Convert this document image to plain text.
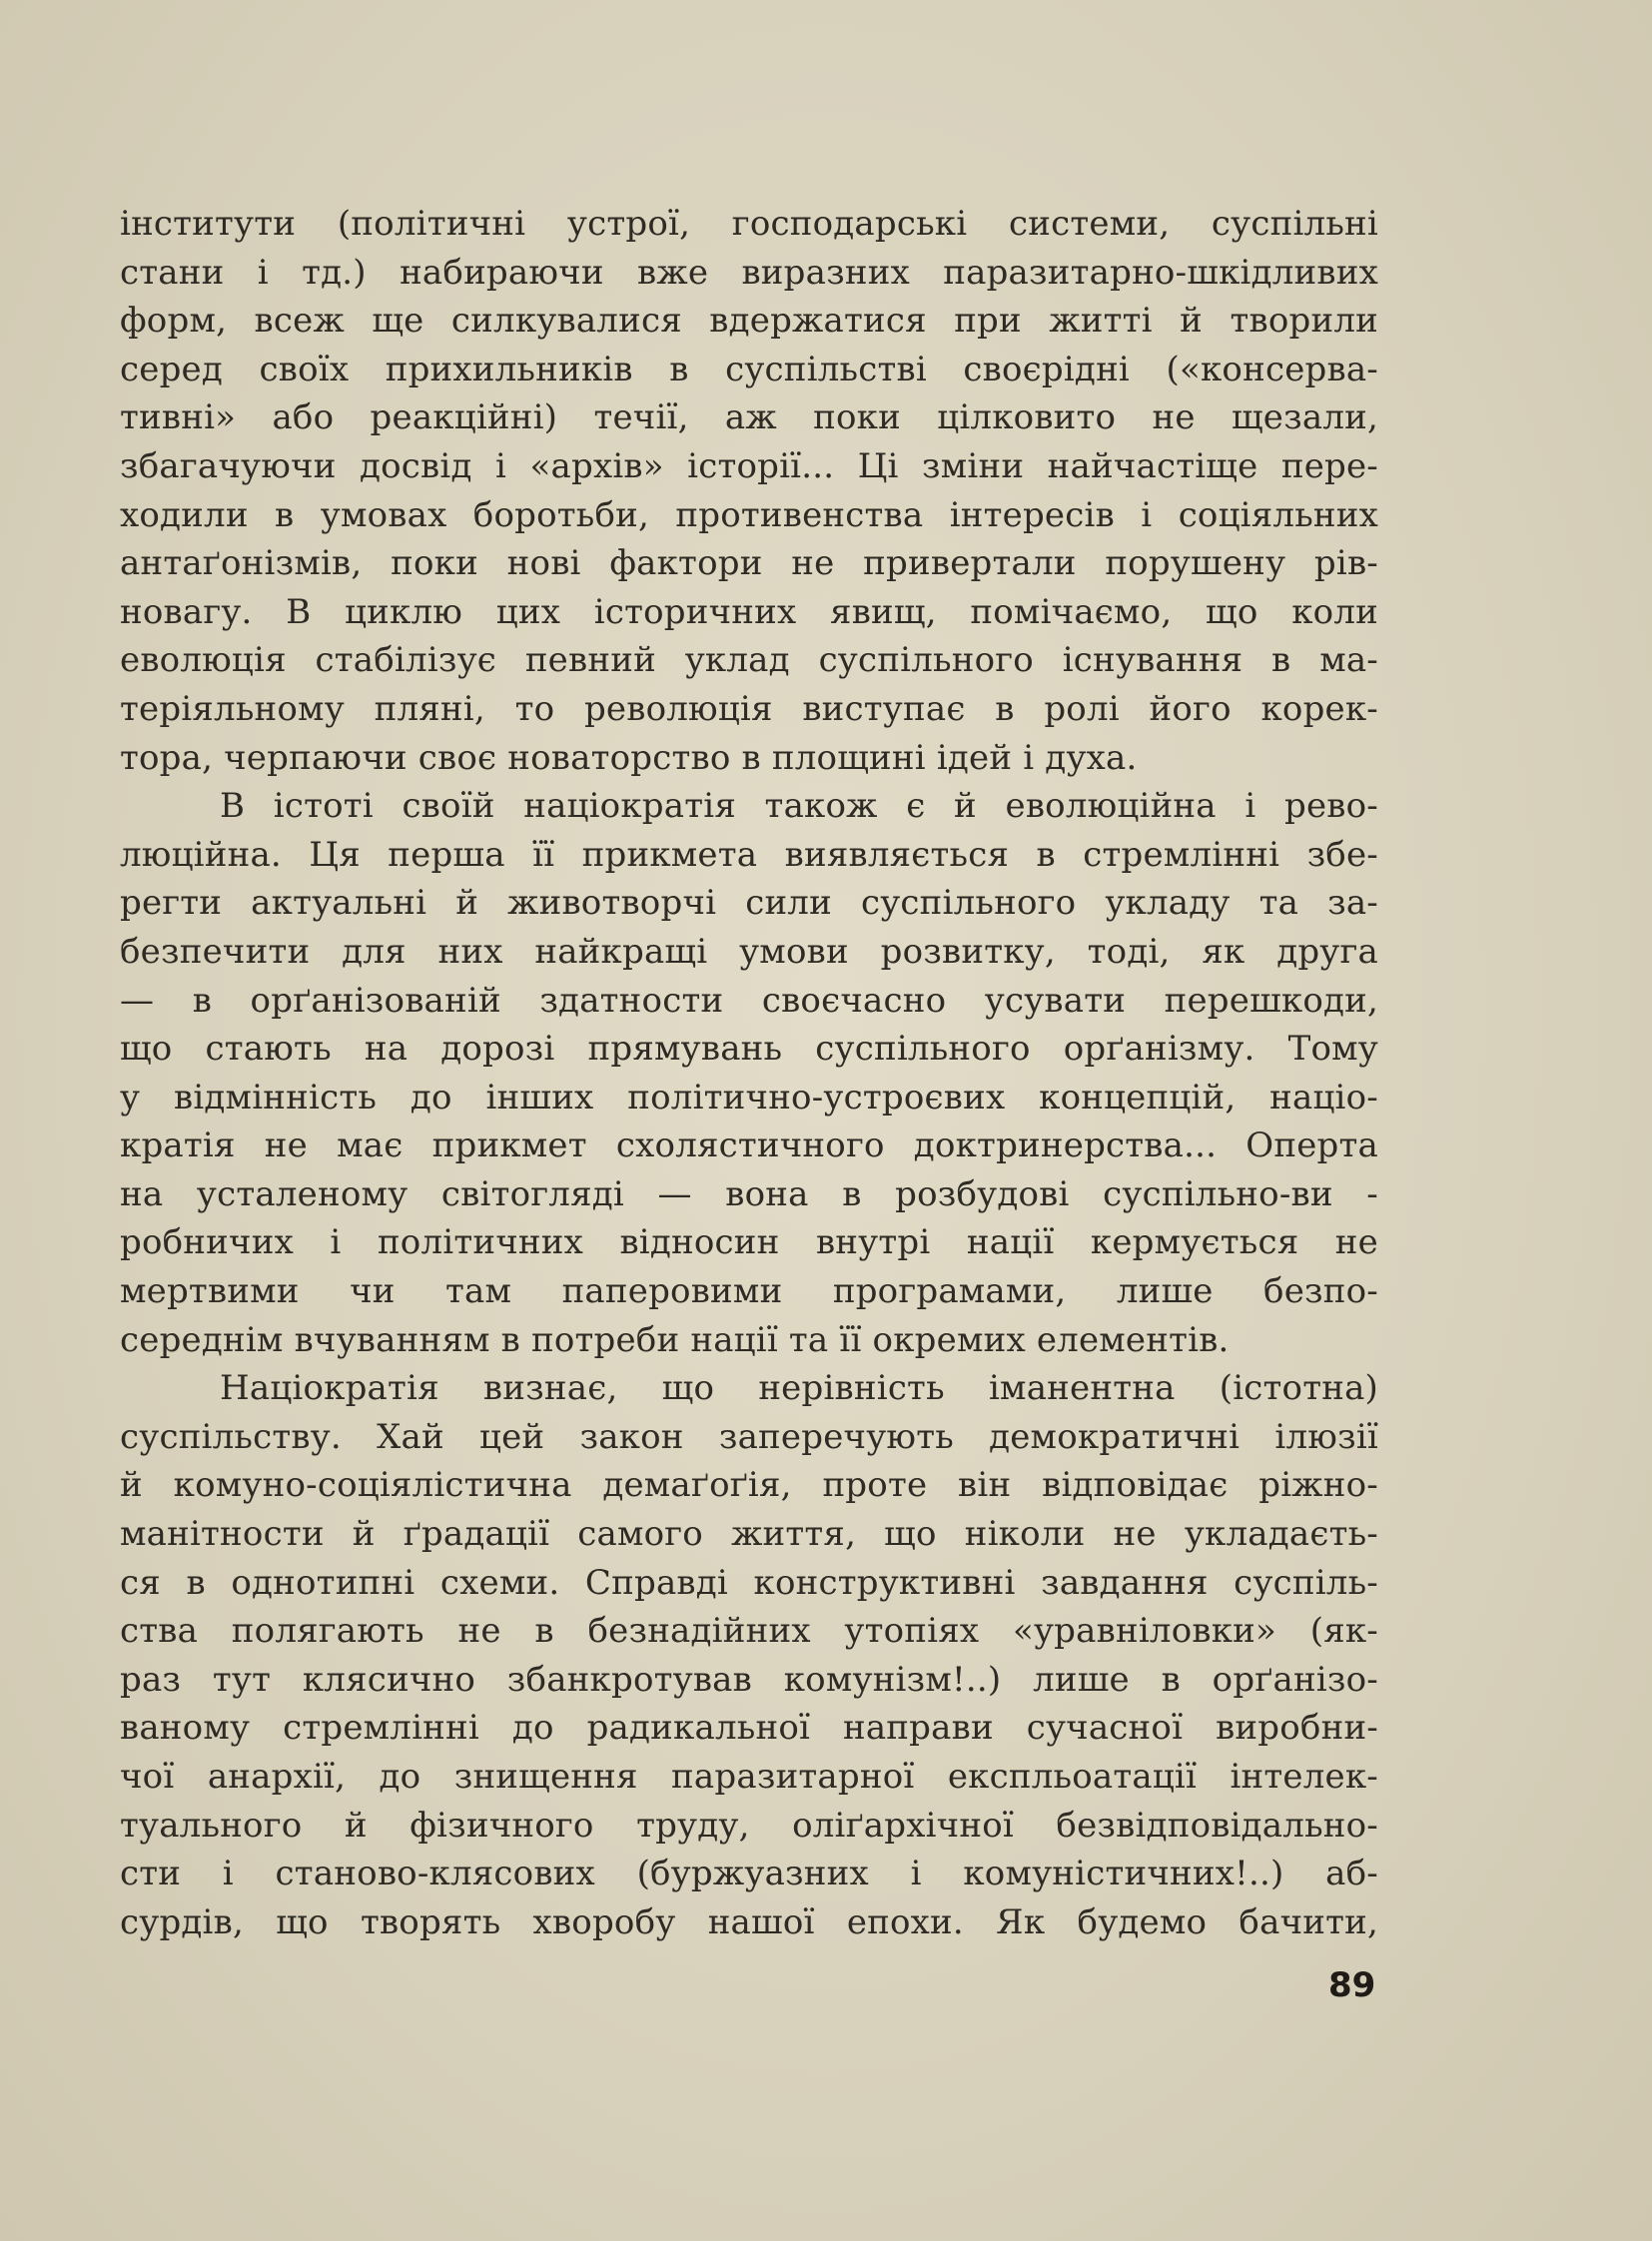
інститути (політичні устрої, господарські системи, суспільні
стани і тд.) набираючи вже виразних паразитарно-шкідливих
форм, всеж ще силкувалися вдержатися при житті й творили
серед своїх прихильників в суспільстві своєрідні («консерва-
тивні» або реакційні) течії, аж поки цілковито не щезали,
збагачуючи досвід і «архів» історії... Ці зміни найчастіще пере-
ходили в умовах боротьби, противенства інтересів і соціяльних
антаґонізмів, поки нові фактори не привертали порушену рів-
новагу. В циклю цих історичних явищ, помічаємо, що коли
еволюція стабілізує певний уклад суспільного існування в ма-
теріяльному пляні, то революція виступає в ролі його корек-
тора, черпаючи своє новаторство в площині ідей і духа.
В істоті своїй націократія також є й еволюційна і рево-
люційна. Ця перша її прикмета виявляється в стремлінні збе-
регти актуальні й животворчі сили суспільного укладу та за-
безпечити для них найкращі умови розвитку, тоді, як друга
— в орґанізованій здатности своєчасно усувати перешкоди,
що стають на дорозі прямувань суспільного орґанізму. Тому
у відмінність до інших політично-устроєвих концепцій, націо-
кратія не має прикмет схолястичного доктринерства... Оперта
на усталеному світогляді — вона в розбудові суспільно-ви -
робничих і політичних відносин внутрі нації кермується не
мертвими чи там паперовими програмами, лише безпо-
середнім вчуванням в потреби нації та її окремих елементів.
Націократія визнає, що нерівність іманентна (істотна)
суспільству. Хай цей закон заперечують демократичні ілюзії
й комуно-соціялістична демаґоґія, проте він відповідає ріжно-
манітности й ґрадації самого життя, що ніколи не укладаєть-
ся в однотипні схеми. Справді конструктивні завдання суспіль-
ства полягають не в безнадійних утопіях «уравніловки» (як-
раз тут клясично збанкротував комунізм!..) лише в орґанізо-
ваному стремлінні до радикальної направи сучасної виробни-
чої анархії, до знищення паразитарної експльоатації інтелек-
туального й фізичного труду, оліґархічної безвідповідально-
сти і станово-клясових (буржуазних і комуністичних!..) аб-
сурдів, що творять хворобу нашої епохи. Як будемо бачити,
89
